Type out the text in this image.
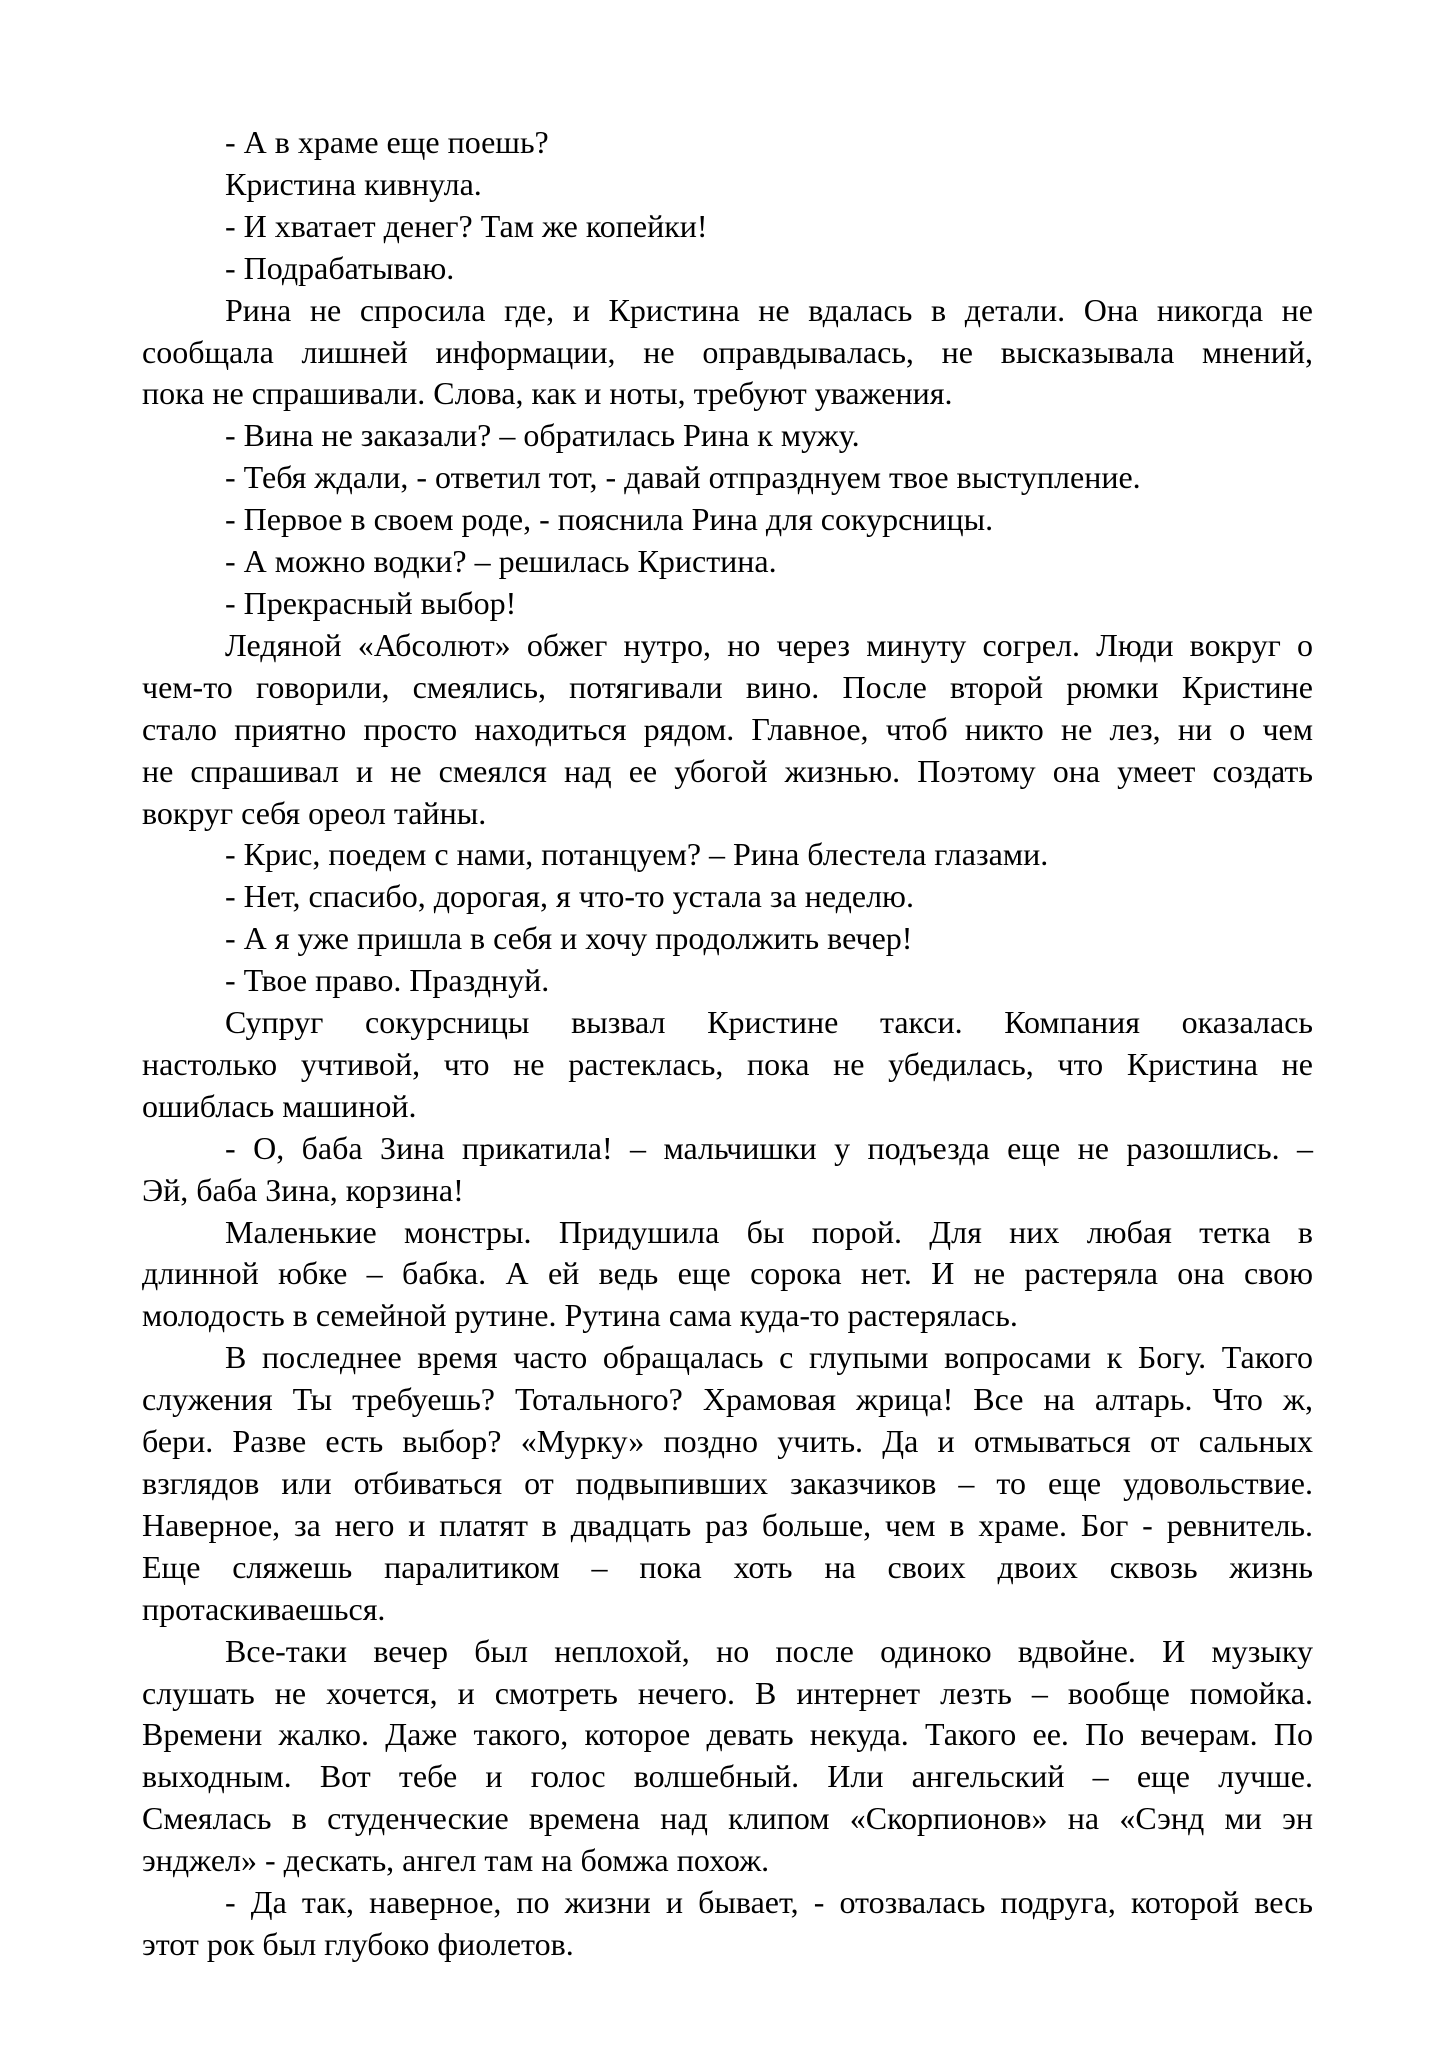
- А в храме еще поешь?
Кристина кивнула.
- И хватает денег? Там же копейки!
- Подрабатываю.
Рина не спросила где, и Кристина не вдалась в детали. Она никогда не
сообщала лишней информации, не оправдывалась, не высказывала мнений,
пока не спрашивали. Слова, как и ноты, требуют уважения.
- Вина не заказали? – обратилась Рина к мужу.
- Тебя ждали, - ответил тот, - давай отпразднуем твое выступление.
- Первое в своем роде, - пояснила Рина для сокурсницы.
- А можно водки? – решилась Кристина.
- Прекрасный выбор!
Ледяной «Абсолют» обжег нутро, но через минуту согрел. Люди вокруг о
чем-то говорили, смеялись, потягивали вино. После второй рюмки Кристине
стало приятно просто находиться рядом. Главное, чтоб никто не лез, ни о чем
не спрашивал и не смеялся над ее убогой жизнью. Поэтому она умеет создать
вокруг себя ореол тайны.
- Крис, поедем с нами, потанцуем? – Рина блестела глазами.
- Нет, спасибо, дорогая, я что-то устала за неделю.
- А я уже пришла в себя и хочу продолжить вечер!
- Твое право. Празднуй.
Супруг сокурсницы вызвал Кристине такси. Компания оказалась
настолько учтивой, что не растеклась, пока не убедилась, что Кристина не
ошиблась машиной.
- О, баба Зина прикатила! – мальчишки у подъезда еще не разошлись. –
Эй, баба Зина, корзина!
Маленькие монстры. Придушила бы порой. Для них любая тетка в
длинной юбке – бабка. А ей ведь еще сорока нет. И не растеряла она свою
молодость в семейной рутине. Рутина сама куда-то растерялась.
В последнее время часто обращалась с глупыми вопросами к Богу. Такого
служения Ты требуешь? Тотального? Храмовая жрица! Все на алтарь. Что ж,
бери. Разве есть выбор? «Мурку» поздно учить. Да и отмываться от сальных
взглядов или отбиваться от подвыпивших заказчиков – то еще удовольствие.
Наверное, за него и платят в двадцать раз больше, чем в храме. Бог - ревнитель.
Еще сляжешь паралитиком – пока хоть на своих двоих сквозь жизнь
протаскиваешься.
Все-таки вечер был неплохой, но после одиноко вдвойне. И музыку
слушать не хочется, и смотреть нечего. В интернет лезть – вообще помойка.
Времени жалко. Даже такого, которое девать некуда. Такого ее. По вечерам. По
выходным. Вот тебе и голос волшебный. Или ангельский – еще лучше.
Смеялась в студенческие времена над клипом «Скорпионов» на «Сэнд ми эн
энджел» - дескать, ангел там на бомжа похож.
- Да так, наверное, по жизни и бывает, - отозвалась подруга, которой весь
этот рок был глубоко фиолетов.
